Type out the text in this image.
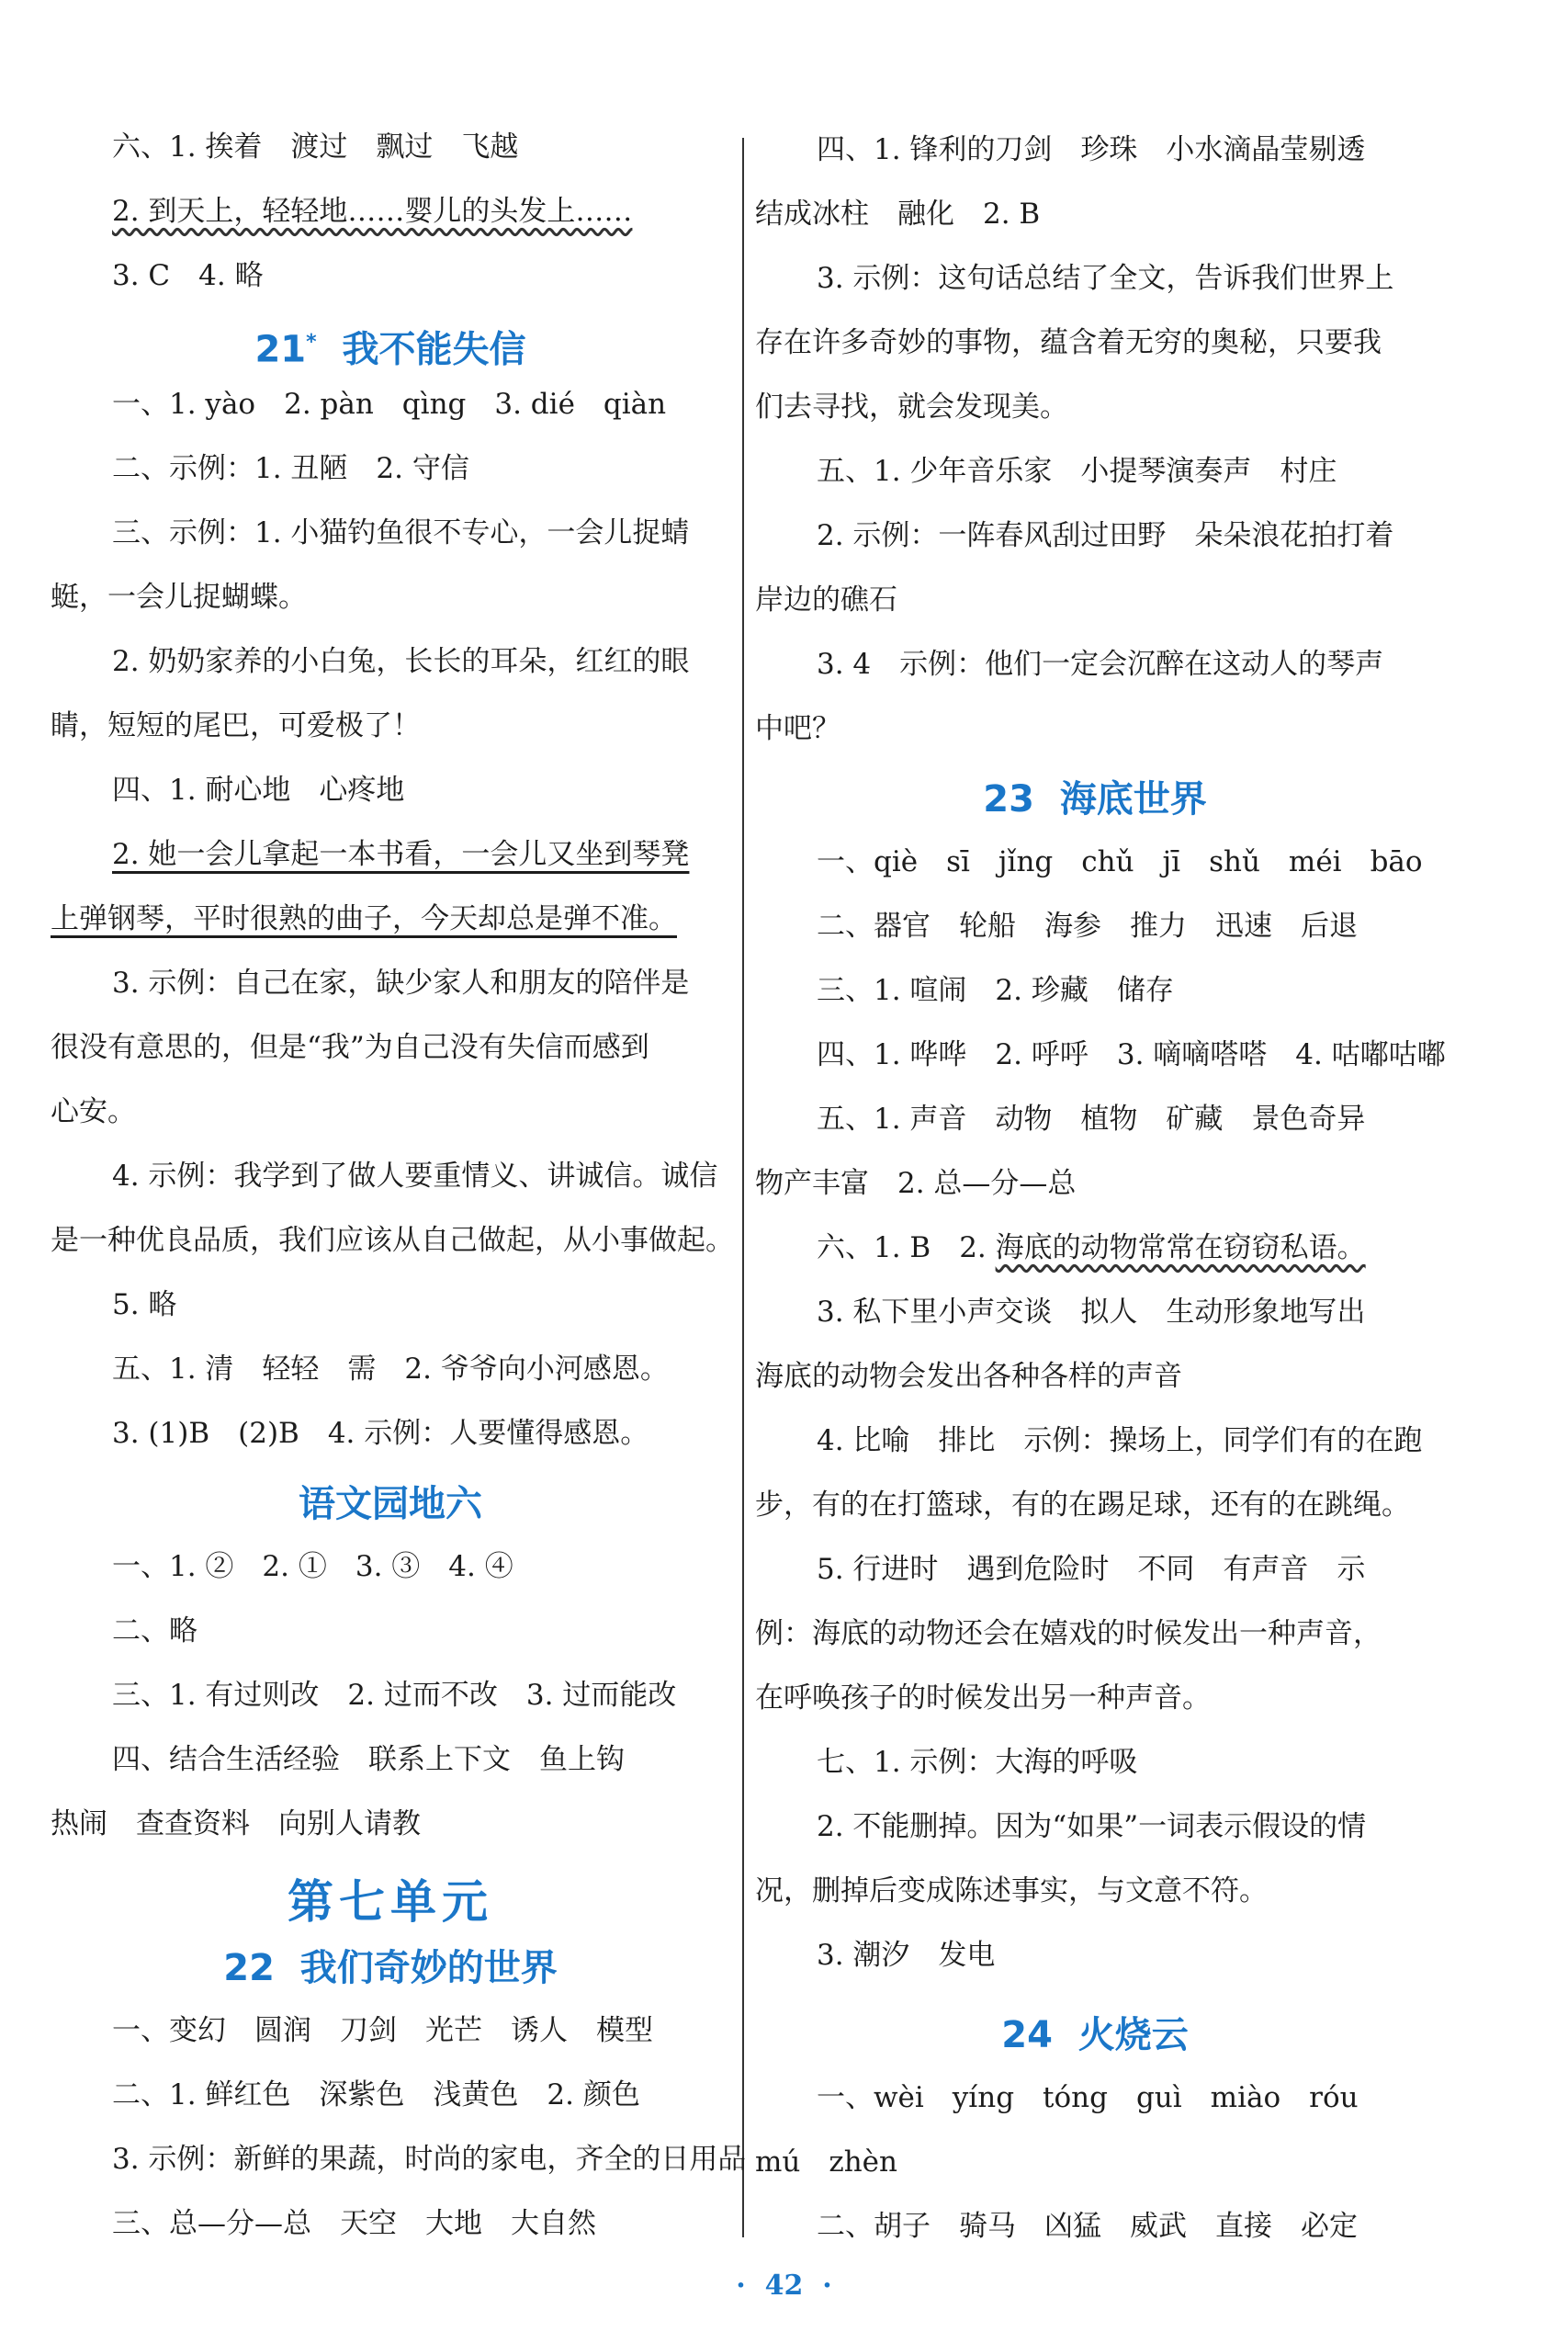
六、1. 挨着　渡过　飘过　飞越
2. 到天上，轻轻地……婴儿的头发上……
3. C　4. 略
21* 我不能失信
一、1. yào　2. pàn　qìng　3. dié　qiàn
二、示例：1. 丑陋　2. 守信
三、示例：1. 小猫钓鱼很不专心，一会儿捉蜻
蜓，一会儿捉蝴蝶。
2. 奶奶家养的小白兔，长长的耳朵，红红的眼
睛，短短的尾巴，可爱极了！
四、1. 耐心地　心疼地
2. 她一会儿拿起一本书看，一会儿又坐到琴凳
上弹钢琴，平时很熟的曲子，今天却总是弹不准。
3. 示例：自己在家，缺少家人和朋友的陪伴是
很没有意思的，但是“我”为自己没有失信而感到
心安。
4. 示例：我学到了做人要重情义、讲诚信。诚信
是一种优良品质，我们应该从自己做起，从小事做起。
5. 略
五、1. 清　轻轻　需　2. 爷爷向小河感恩。
3. (1)B　(2)B　4. 示例：人要懂得感恩。
语文园地六
一、1. ②　2. ①　3. ③　4. ④
二、略
三、1. 有过则改　2. 过而不改　3. 过而能改
四、结合生活经验　联系上下文　鱼上钩
热闹　查查资料　向别人请教
第七单元
22 我们奇妙的世界
一、变幻　圆润　刀剑　光芒　诱人　模型
二、1. 鲜红色　深紫色　浅黄色　2. 颜色
3. 示例：新鲜的果蔬，时尚的家电，齐全的日用品
三、总—分—总　天空　大地　大自然
四、1. 锋利的刀剑　珍珠　小水滴晶莹剔透
结成冰柱　融化　2. B
3. 示例：这句话总结了全文，告诉我们世界上
存在许多奇妙的事物，蕴含着无穷的奥秘，只要我
们去寻找，就会发现美。
五、1. 少年音乐家　小提琴演奏声　村庄
2. 示例：一阵春风刮过田野　朵朵浪花拍打着
岸边的礁石
3. 4　示例：他们一定会沉醉在这动人的琴声
中吧？
23 海底世界
一、qiè　sī　jǐng　chǔ　jī　shǔ　méi　bāo
二、器官　轮船　海参　推力　迅速　后退
三、1. 喧闹　2. 珍藏　储存
四、1. 哗哗　2. 呼呼　3. 嘀嘀嗒嗒　4. 咕嘟咕嘟
五、1. 声音　动物　植物　矿藏　景色奇异
物产丰富　2. 总—分—总
六、1. B　2. 海底的动物常常在窃窃私语。
3. 私下里小声交谈　拟人　生动形象地写出
海底的动物会发出各种各样的声音
4. 比喻　排比　示例：操场上，同学们有的在跑
步，有的在打篮球，有的在踢足球，还有的在跳绳。
5. 行进时　遇到危险时　不同　有声音　示
例：海底的动物还会在嬉戏的时候发出一种声音，
在呼唤孩子的时候发出另一种声音。
七、1. 示例：大海的呼吸
2. 不能删掉。因为“如果”一词表示假设的情
况，删掉后变成陈述事实，与文意不符。
3. 潮汐　发电
24 火烧云
一、wèi　yíng　tóng　guì　miào　róu
mú　zhèn
二、胡子　骑马　凶猛　威武　直接　必定
·  42  ·
